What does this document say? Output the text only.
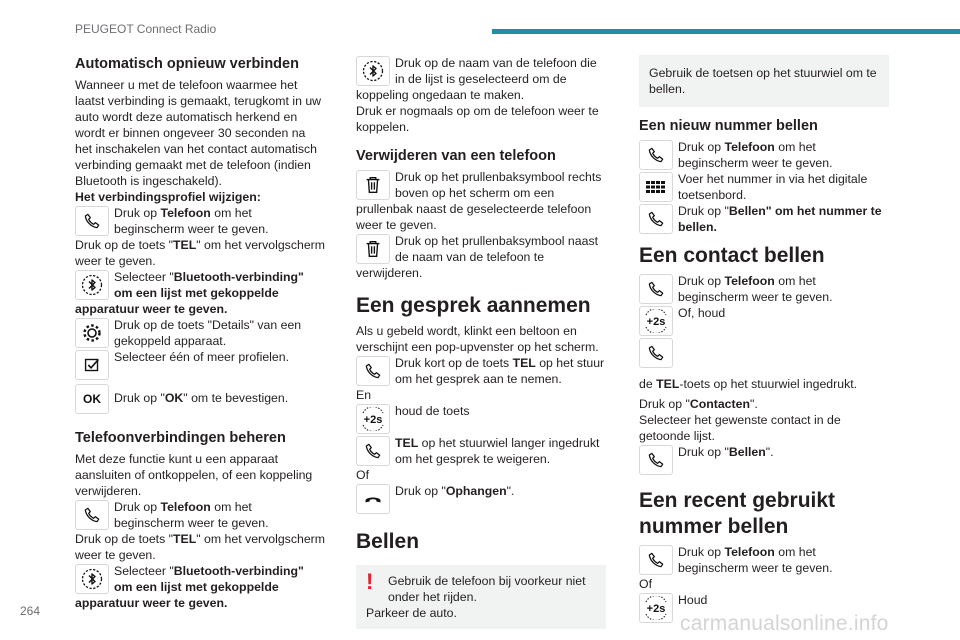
PEUGEOT Connect Radio
Automatisch opnieuw verbinden

Wanneer u met de telefoon waarmee het laatst verbinding is gemaakt, terugkomt in uw auto wordt deze automatisch herkend en wordt er binnen ongeveer 30 seconden na het inschakelen van het contact automatisch verbinding gemaakt met de telefoon (indien Bluetooth is ingeschakeld).

Het verbindingsprofiel wijzigen:

Druk op Telefoon om het beginscherm weer te geven.

Druk op de toets "TEL" om het vervolgscherm weer te geven.

Selecteer "Bluetooth-verbinding" om een lijst met gekoppelde apparatuur weer te geven.

Druk op de toets "Details" van een gekoppeld apparaat.

Selecteer één of meer profielen.

OK	Druk op "OK" om te bevestigen.

Telefoonverbindingen beheren

Met deze functie kunt u een apparaat aansluiten of ontkoppelen, of een koppeling verwijderen.

Druk op Telefoon om het beginscherm weer te geven.

Druk op de toets "TEL" om het vervolgscherm weer te geven.

Selecteer "Bluetooth-verbinding" om een lijst met gekoppelde apparatuur weer te geven.

Druk op de naam van de telefoon die in de lijst is geselecteerd om de koppeling ongedaan te maken.

Druk er nogmaals op om de telefoon weer te koppelen.

Verwijderen van een telefoon

Druk op het prullenbaksymbool rechts boven op het scherm om een prullenbak naast de geselecteerde telefoon weer te geven.

Druk op het prullenbaksymbool naast de naam van de telefoon te verwijderen.

Een gesprek aannemen

Als u gebeld wordt, klinkt een beltoon en verschijnt een pop-upvenster op het scherm.

Druk kort op de toets TEL op het stuur om het gesprek aan te nemen.

En

houd de toets

TEL op het stuurwiel langer ingedrukt om het gesprek te weigeren.

Of

Druk op "Ophangen".

Bellen
!	Gebruik de telefoon bij voorkeur niet onder het rijden.

Parkeer de auto.

Gebruik de toetsen op het stuurwiel om te bellen.

Een nieuw nummer bellen

Druk op Telefoon om het beginscherm weer te geven.

Voer het nummer in via het digitale toetsenbord.

Druk op "Bellen" om het nummer te bellen.

Een contact bellen

Druk op Telefoon om het beginscherm weer te geven.

Of, houd

de TEL-toets op het stuurwiel ingedrukt.

Druk op "Contacten".

Selecteer het gewenste contact in de getoonde lijst.

Druk op "Bellen".

Een recent gebruikt nummer bellen

Druk op Telefoon om het beginscherm weer te geven.

Of

Houd

264
carmanualsonline.info
